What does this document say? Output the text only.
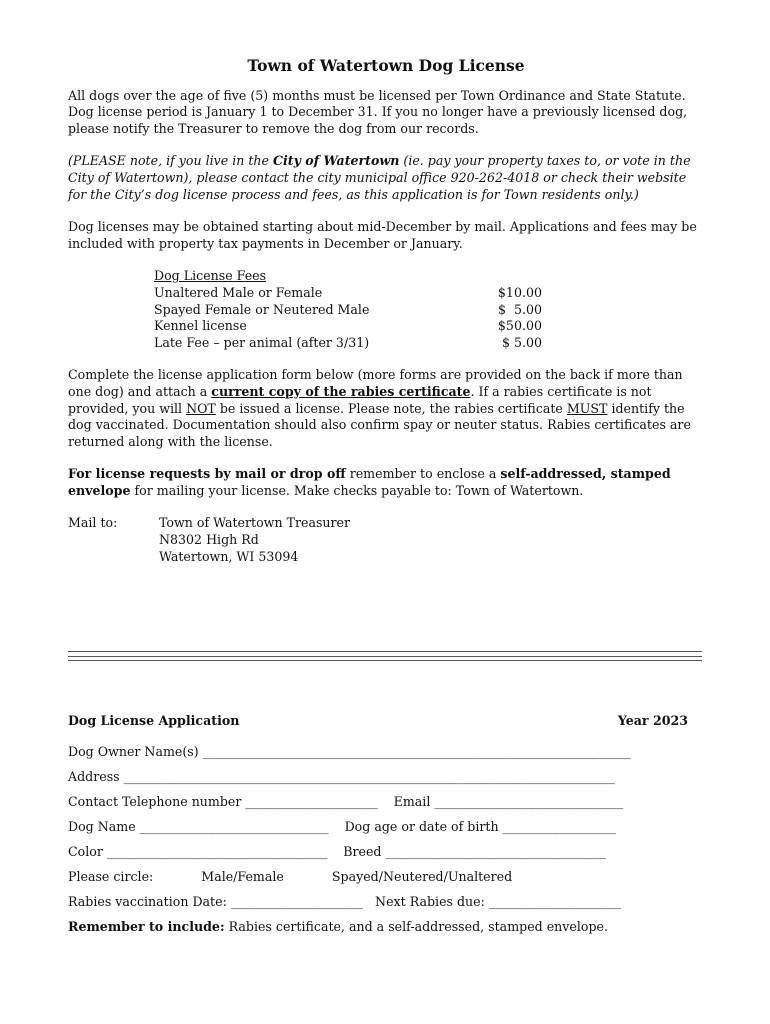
Town of Watertown Dog License

All dogs over the age of five (5) months must be licensed per Town Ordinance and State Statute. Dog license period is January 1 to December 31. If you no longer have a previously licensed dog, please notify the Treasurer to remove the dog from our records.

(PLEASE note, if you live in the City of Watertown (ie. pay your property taxes to, or vote in the City of Watertown), please contact the city municipal office 920-262-4018 or check their website for the City’s dog license process and fees, as this application is for Town residents only.)

Dog licenses may be obtained starting about mid-December by mail. Applications and fees may be included with property tax payments in December or January.

Dog License Fees
Unaltered Male or Female	$10.00
Spayed Female or Neutered Male	$  5.00
Kennel license	$50.00
Late Fee – per animal (after 3/31)	$ 5.00

Complete the license application form below (more forms are provided on the back if more than one dog) and attach a current copy of the rabies certificate. If a rabies certificate is not provided, you will NOT be issued a license. Please note, the rabies certificate MUST identify the dog vaccinated. Documentation should also confirm spay or neuter status. Rabies certificates are returned along with the license.

For license requests by mail or drop off remember to enclose a self-addressed, stamped envelope for mailing your license. Make checks payable to: Town of Watertown.

Mail to:	Town of Watertown Treasurer
N8302 High Rd
Watertown, WI 53094
Dog License Application	Year 2023
Dog Owner Name(s) ____________________________________________________________________
Address ______________________________________________________________________________
Contact Telephone number _____________________    Email ______________________________
Dog Name ______________________________    Dog age or date of birth __________________
Color ___________________________________    Breed ___________________________________
Please circle:            Male/Female            Spayed/Neutered/Unaltered
Rabies vaccination Date: _____________________   Next Rabies due: _____________________
Remember to include: Rabies certificate, and a self-addressed, stamped envelope.
